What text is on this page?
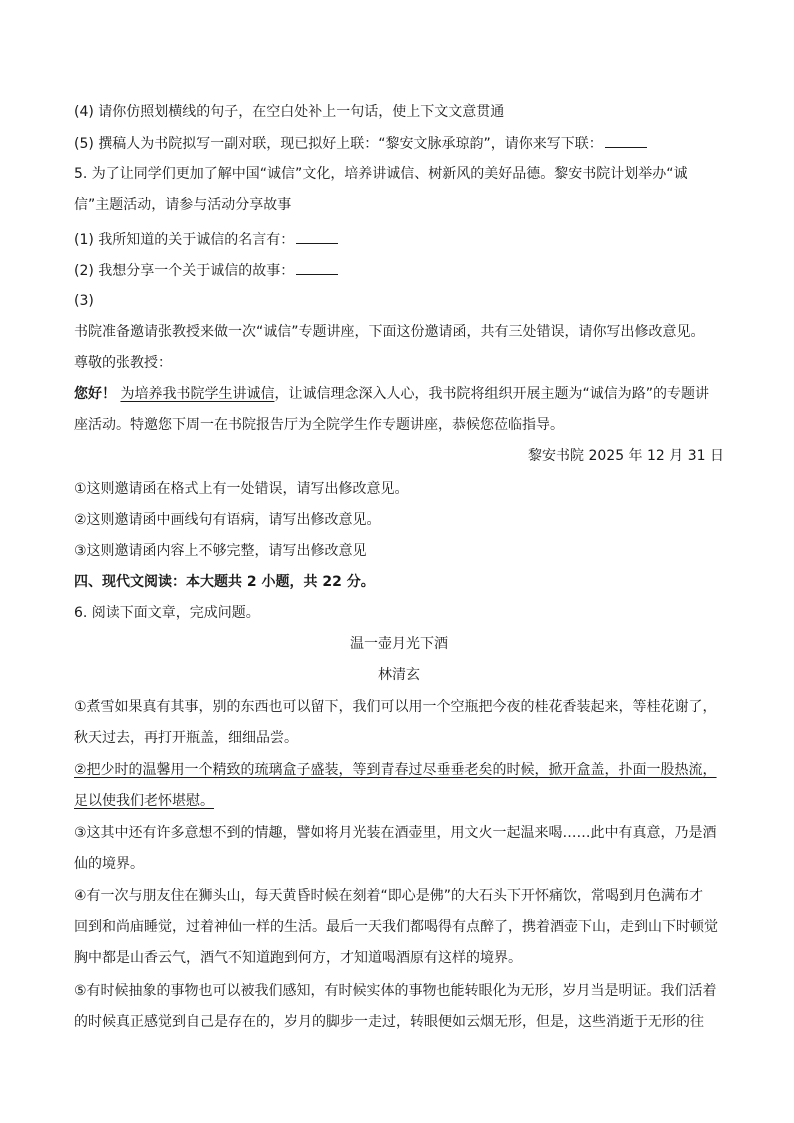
(4) 请你仿照划横线的句子，在空白处补上一句话，使上下文文意贯通
(5) 撰稿人为书院拟写一副对联，现已拟好上联：“黎安文脉承琼韵”，请你来写下联：
5. 为了让同学们更加了解中国“诚信”文化，培养讲诚信、树新风的美好品德。黎安书院计划举办“诚
信”主题活动，请参与活动分享故事
(1) 我所知道的关于诚信的名言有：
(2) 我想分享一个关于诚信的故事：
(3)
书院准备邀请张教授来做一次“诚信”专题讲座，下面这份邀请函，共有三处错误，请你写出修改意见。
尊敬的张教授：
您好！ 为培养我书院学生讲诚信，让诚信理念深入人心，我书院将组织开展主题为“诚信为路”的专题讲
座活动。特邀您下周一在书院报告厅为全院学生作专题讲座，恭候您莅临指导。
黎安书院 2025 年 12 月 31 日
①这则邀请函在格式上有一处错误，请写出修改意见。
②这则邀请函中画线句有语病，请写出修改意见。
③这则邀请函内容上不够完整，请写出修改意见
四、现代文阅读：本大题共 2 小题，共 22 分。
6. 阅读下面文章，完成问题。
温一壶月光下酒
林清玄
①煮雪如果真有其事，别的东西也可以留下，我们可以用一个空瓶把今夜的桂花香装起来，等桂花谢了，
秋天过去，再打开瓶盖，细细品尝。
②把少时的温馨用一个精致的琉璃盒子盛装，等到青春过尽垂垂老矣的时候，掀开盒盖，扑面一股热流，
足以使我们老怀堪慰。
③这其中还有许多意想不到的情趣，譬如将月光装在酒壶里，用文火一起温来喝……此中有真意，乃是酒
仙的境界。
④有一次与朋友住在狮头山，每天黄昏时候在刻着“即心是佛”的大石头下开怀痛饮，常喝到月色满布才
回到和尚庙睡觉，过着神仙一样的生活。最后一天我们都喝得有点醉了，携着酒壶下山，走到山下时顿觉
胸中都是山香云气，酒气不知道跑到何方，才知道喝酒原有这样的境界。
⑤有时候抽象的事物也可以被我们感知，有时候实体的事物也能转眼化为无形，岁月当是明证。我们活着
的时候真正感觉到自己是存在的，岁月的脚步一走过，转眼便如云烟无形，但是，这些消逝于无形的往
